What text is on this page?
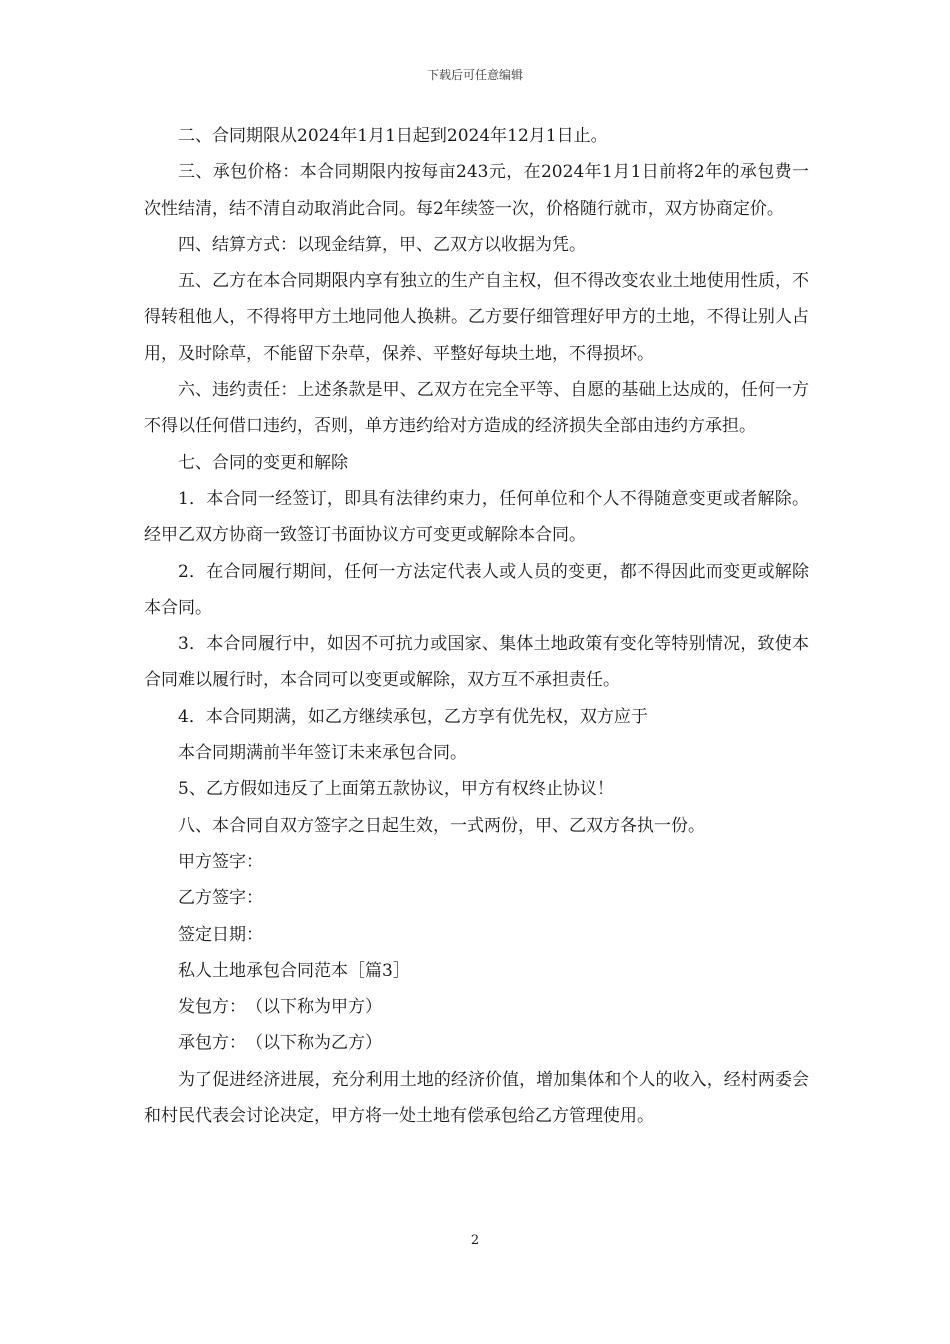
下载后可任意编辑

二、合同期限从2024年1月1日起到2024年12月1日止。

三、承包价格：本合同期限内按每亩243元，在2024年1月1日前将2年的承包费一次性结清，结不清自动取消此合同。每2年续签一次，价格随行就市，双方协商定价。

四、结算方式：以现金结算，甲、乙双方以收据为凭。

五、乙方在本合同期限内享有独立的生产自主权，但不得改变农业土地使用性质，不得转租他人，不得将甲方土地同他人换耕。乙方要仔细管理好甲方的土地，不得让别人占用，及时除草，不能留下杂草，保养、平整好每块土地，不得损坏。

六、违约责任：上述条款是甲、乙双方在完全平等、自愿的基础上达成的，任何一方不得以任何借口违约，否则，单方违约给对方造成的经济损失全部由违约方承担。

七、合同的变更和解除

1．本合同一经签订，即具有法律约束力，任何单位和个人不得随意变更或者解除。经甲乙双方协商一致签订书面协议方可变更或解除本合同。

2．在合同履行期间，任何一方法定代表人或人员的变更，都不得因此而变更或解除本合同。

3．本合同履行中，如因不可抗力或国家、集体土地政策有变化等特别情况，致使本合同难以履行时，本合同可以变更或解除，双方互不承担责任。

4．本合同期满，如乙方继续承包，乙方享有优先权，双方应于

本合同期满前半年签订未来承包合同。

5、乙方假如违反了上面第五款协议，甲方有权终止协议！

八、本合同自双方签字之日起生效，一式两份，甲、乙双方各执一份。

甲方签字：

乙方签字：

签定日期：

私人土地承包合同范本［篇3］

发包方：　（以下称为甲方）

承包方：　（以下称为乙方）

为了促进经济进展，充分利用土地的经济价值，增加集体和个人的收入，经村两委会和村民代表会讨论决定，甲方将一处土地有偿承包给乙方管理使用。

2
